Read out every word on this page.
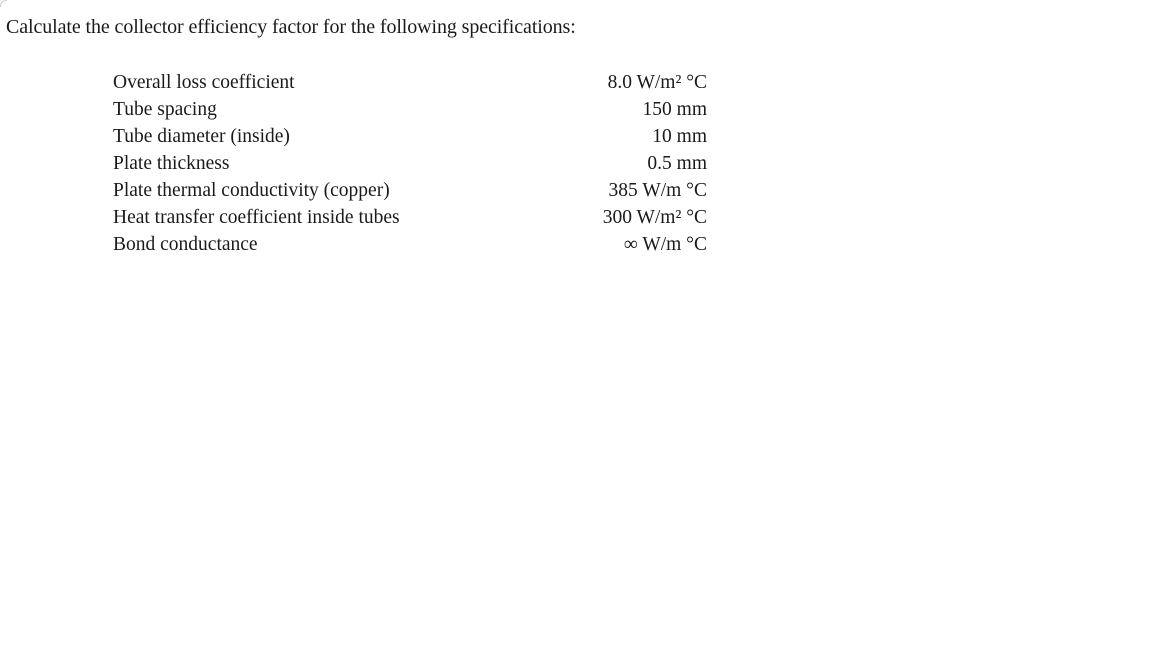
Calculate the collector efficiency factor for the following specifications:
Overall loss coefficient	8.0 W/m² °C
Tube spacing	150 mm
Tube diameter (inside)	10 mm
Plate thickness	0.5 mm
Plate thermal conductivity (copper)	385 W/m °C
Heat transfer coefficient inside tubes	300 W/m² °C
Bond conductance	∞ W/m °C
